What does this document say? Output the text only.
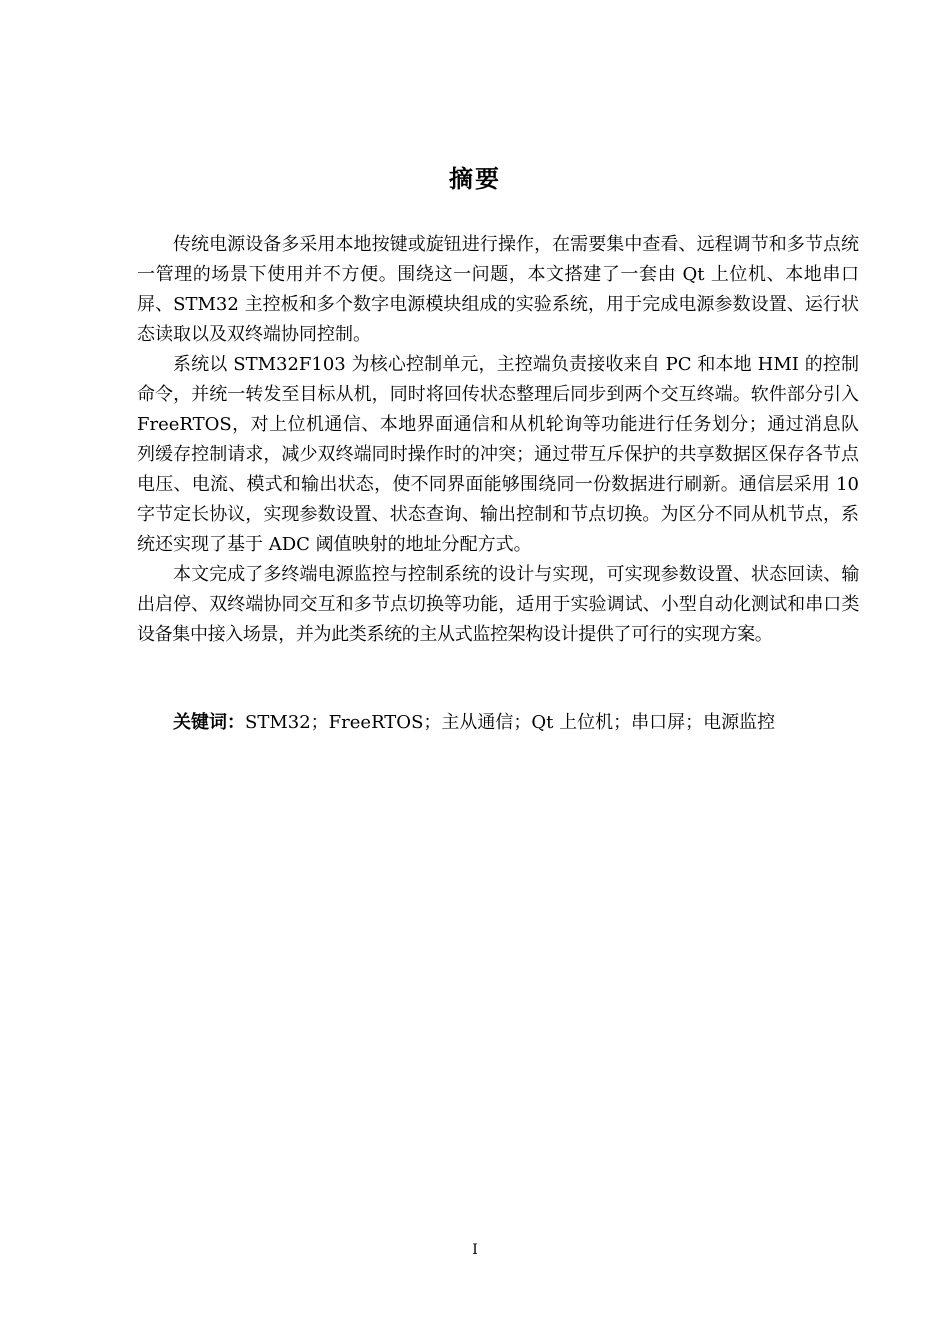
摘要

传统电源设备多采用本地按键或旋钮进行操作，在需要集中查看、远程调节和多节点统一管理的场景下使用并不方便。围绕这一问题，本文搭建了一套由 Qt 上位机、本地串口屏、STM32 主控板和多个数字电源模块组成的实验系统，用于完成电源参数设置、运行状态读取以及双终端协同控制。

系统以 STM32F103 为核心控制单元，主控端负责接收来自 PC 和本地 HMI 的控制命令，并统一转发至目标从机，同时将回传状态整理后同步到两个交互终端。软件部分引入 FreeRTOS，对上位机通信、本地界面通信和从机轮询等功能进行任务划分；通过消息队列缓存控制请求，减少双终端同时操作时的冲突；通过带互斥保护的共享数据区保存各节点电压、电流、模式和输出状态，使不同界面能够围绕同一份数据进行刷新。通信层采用 10 字节定长协议，实现参数设置、状态查询、输出控制和节点切换。为区分不同从机节点，系统还实现了基于 ADC 阈值映射的地址分配方式。

本文完成了多终端电源监控与控制系统的设计与实现，可实现参数设置、状态回读、输出启停、双终端协同交互和多节点切换等功能，适用于实验调试、小型自动化测试和串口类设备集中接入场景，并为此类系统的主从式监控架构设计提供了可行的实现方案。

关键词：STM32；FreeRTOS；主从通信；Qt 上位机；串口屏；电源监控
I
